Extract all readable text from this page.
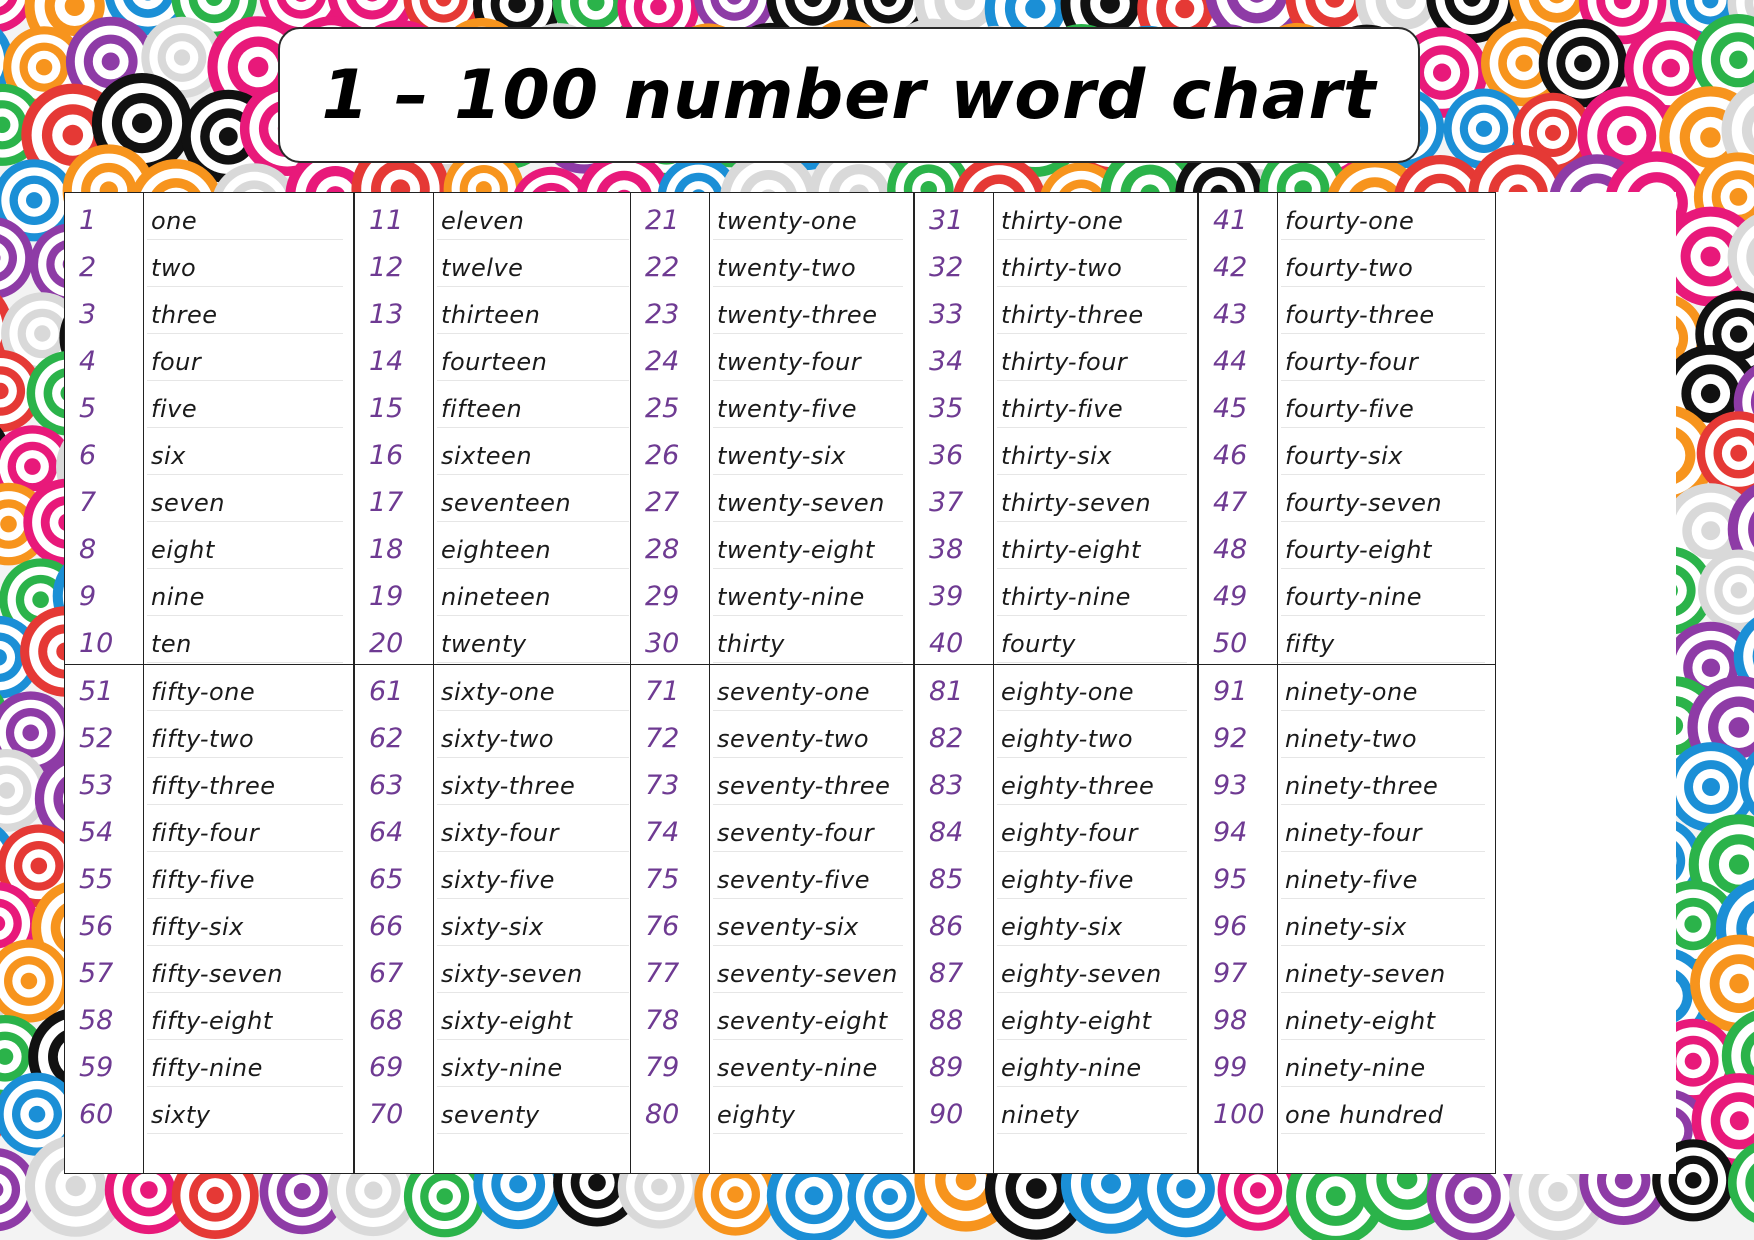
1 – 100 number word chart
1 one
2 two
3 three
4 four
5 five
6 six
7 seven
8 eight
9 nine
10 ten
51 fifty-one
52 fifty-two
53 fifty-three
54 fifty-four
55 fifty-five
56 fifty-six
57 fifty-seven
58 fifty-eight
59 fifty-nine
60 sixty
11 eleven
12 twelve
13 thirteen
14 fourteen
15 fifteen
16 sixteen
17 seventeen
18 eighteen
19 nineteen
20 twenty
61 sixty-one
62 sixty-two
63 sixty-three
64 sixty-four
65 sixty-five
66 sixty-six
67 sixty-seven
68 sixty-eight
69 sixty-nine
70 seventy
21 twenty-one
22 twenty-two
23 twenty-three
24 twenty-four
25 twenty-five
26 twenty-six
27 twenty-seven
28 twenty-eight
29 twenty-nine
30 thirty
71 seventy-one
72 seventy-two
73 seventy-three
74 seventy-four
75 seventy-five
76 seventy-six
77 seventy-seven
78 seventy-eight
79 seventy-nine
80 eighty
31 thirty-one
32 thirty-two
33 thirty-three
34 thirty-four
35 thirty-five
36 thirty-six
37 thirty-seven
38 thirty-eight
39 thirty-nine
40 fourty
81 eighty-one
82 eighty-two
83 eighty-three
84 eighty-four
85 eighty-five
86 eighty-six
87 eighty-seven
88 eighty-eight
89 eighty-nine
90 ninety
41 fourty-one
42 fourty-two
43 fourty-three
44 fourty-four
45 fourty-five
46 fourty-six
47 fourty-seven
48 fourty-eight
49 fourty-nine
50 fifty
91 ninety-one
92 ninety-two
93 ninety-three
94 ninety-four
95 ninety-five
96 ninety-six
97 ninety-seven
98 ninety-eight
99 ninety-nine
100 one hundred
